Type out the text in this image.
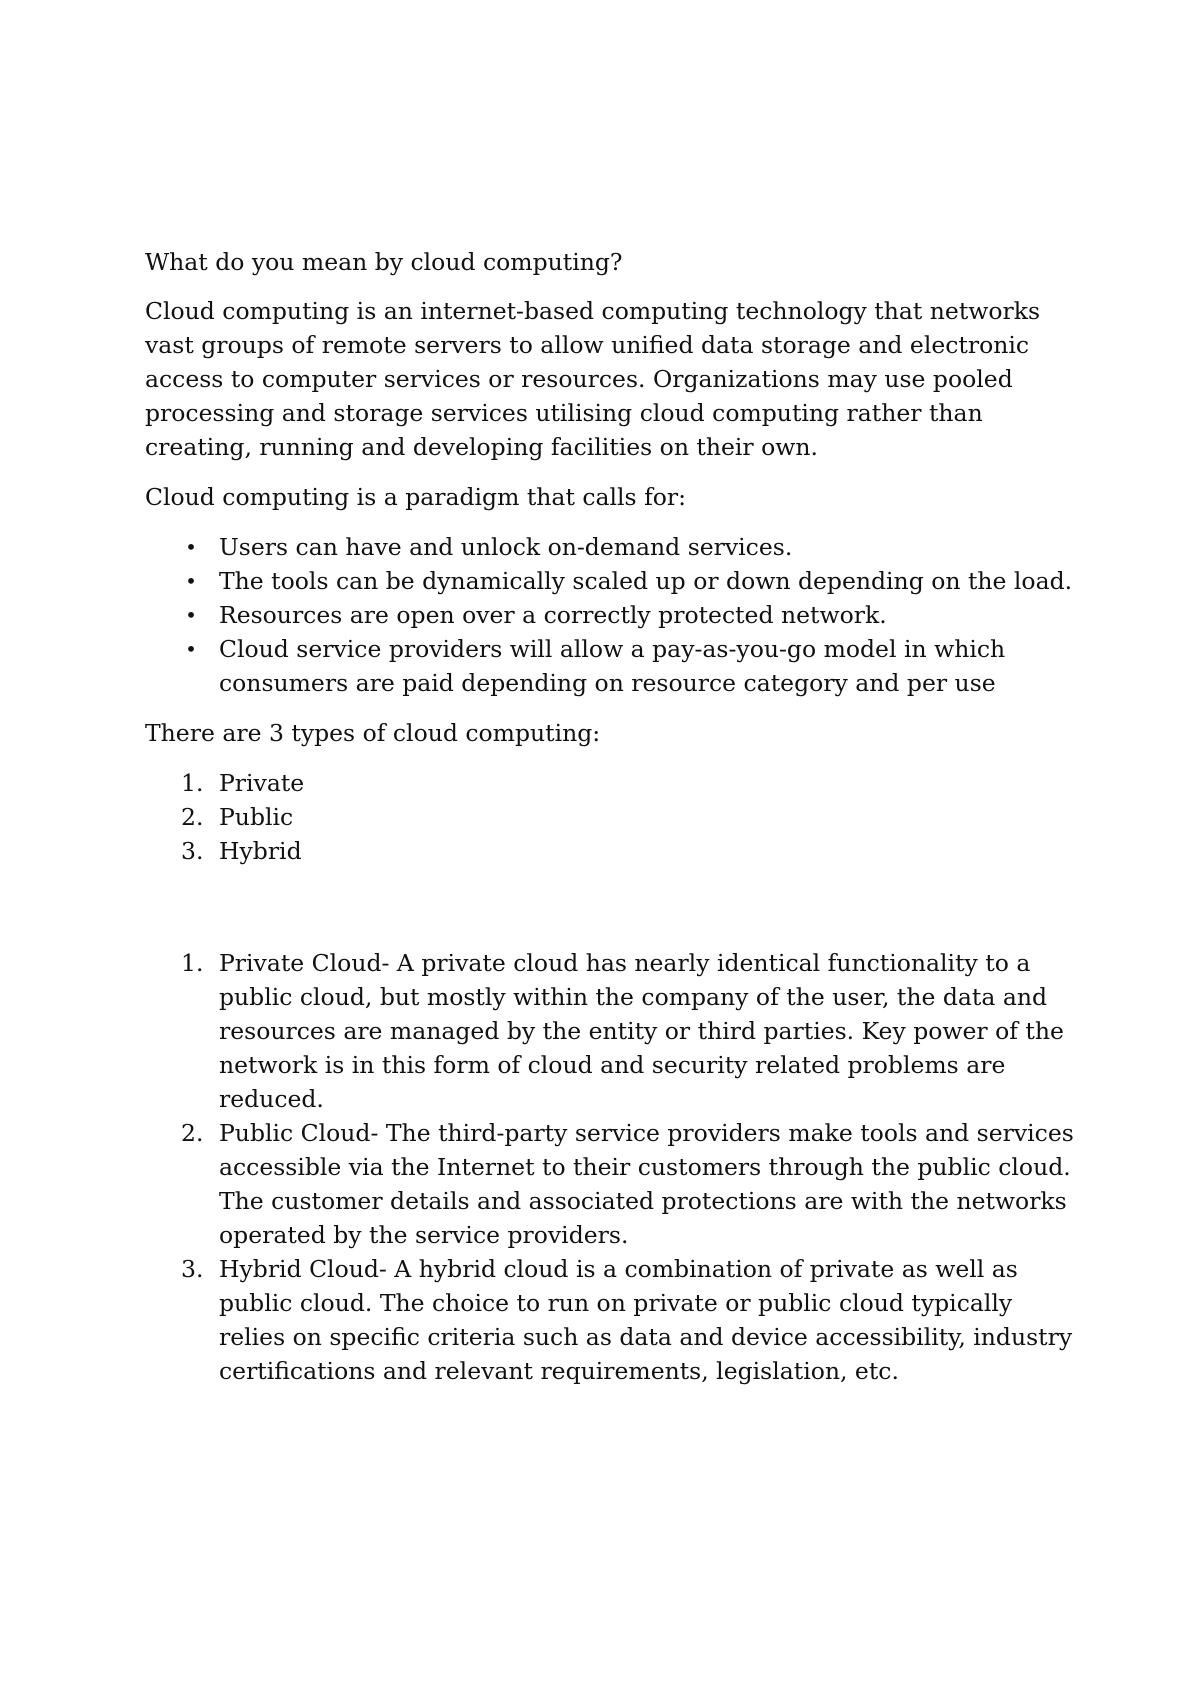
What do you mean by cloud computing?

Cloud computing is an internet-based computing technology that networks vast groups of remote servers to allow unified data storage and electronic access to computer services or resources. Organizations may use pooled processing and storage services utilising cloud computing rather than creating, running and developing facilities on their own.

Cloud computing is a paradigm that calls for:

• Users can have and unlock on-demand services.
• The tools can be dynamically scaled up or down depending on the load.
• Resources are open over a correctly protected network.
• Cloud service providers will allow a pay-as-you-go model in which consumers are paid depending on resource category and per use

There are 3 types of cloud computing:

1. Private
2. Public
3. Hybrid
1. Private Cloud- A private cloud has nearly identical functionality to a public cloud, but mostly within the company of the user, the data and resources are managed by the entity or third parties. Key power of the network is in this form of cloud and security related problems are reduced.
2. Public Cloud- The third-party service providers make tools and services accessible via the Internet to their customers through the public cloud. The customer details and associated protections are with the networks operated by the service providers.
3. Hybrid Cloud- A hybrid cloud is a combination of private as well as public cloud. The choice to run on private or public cloud typically relies on specific criteria such as data and device accessibility, industry certifications and relevant requirements, legislation, etc.
